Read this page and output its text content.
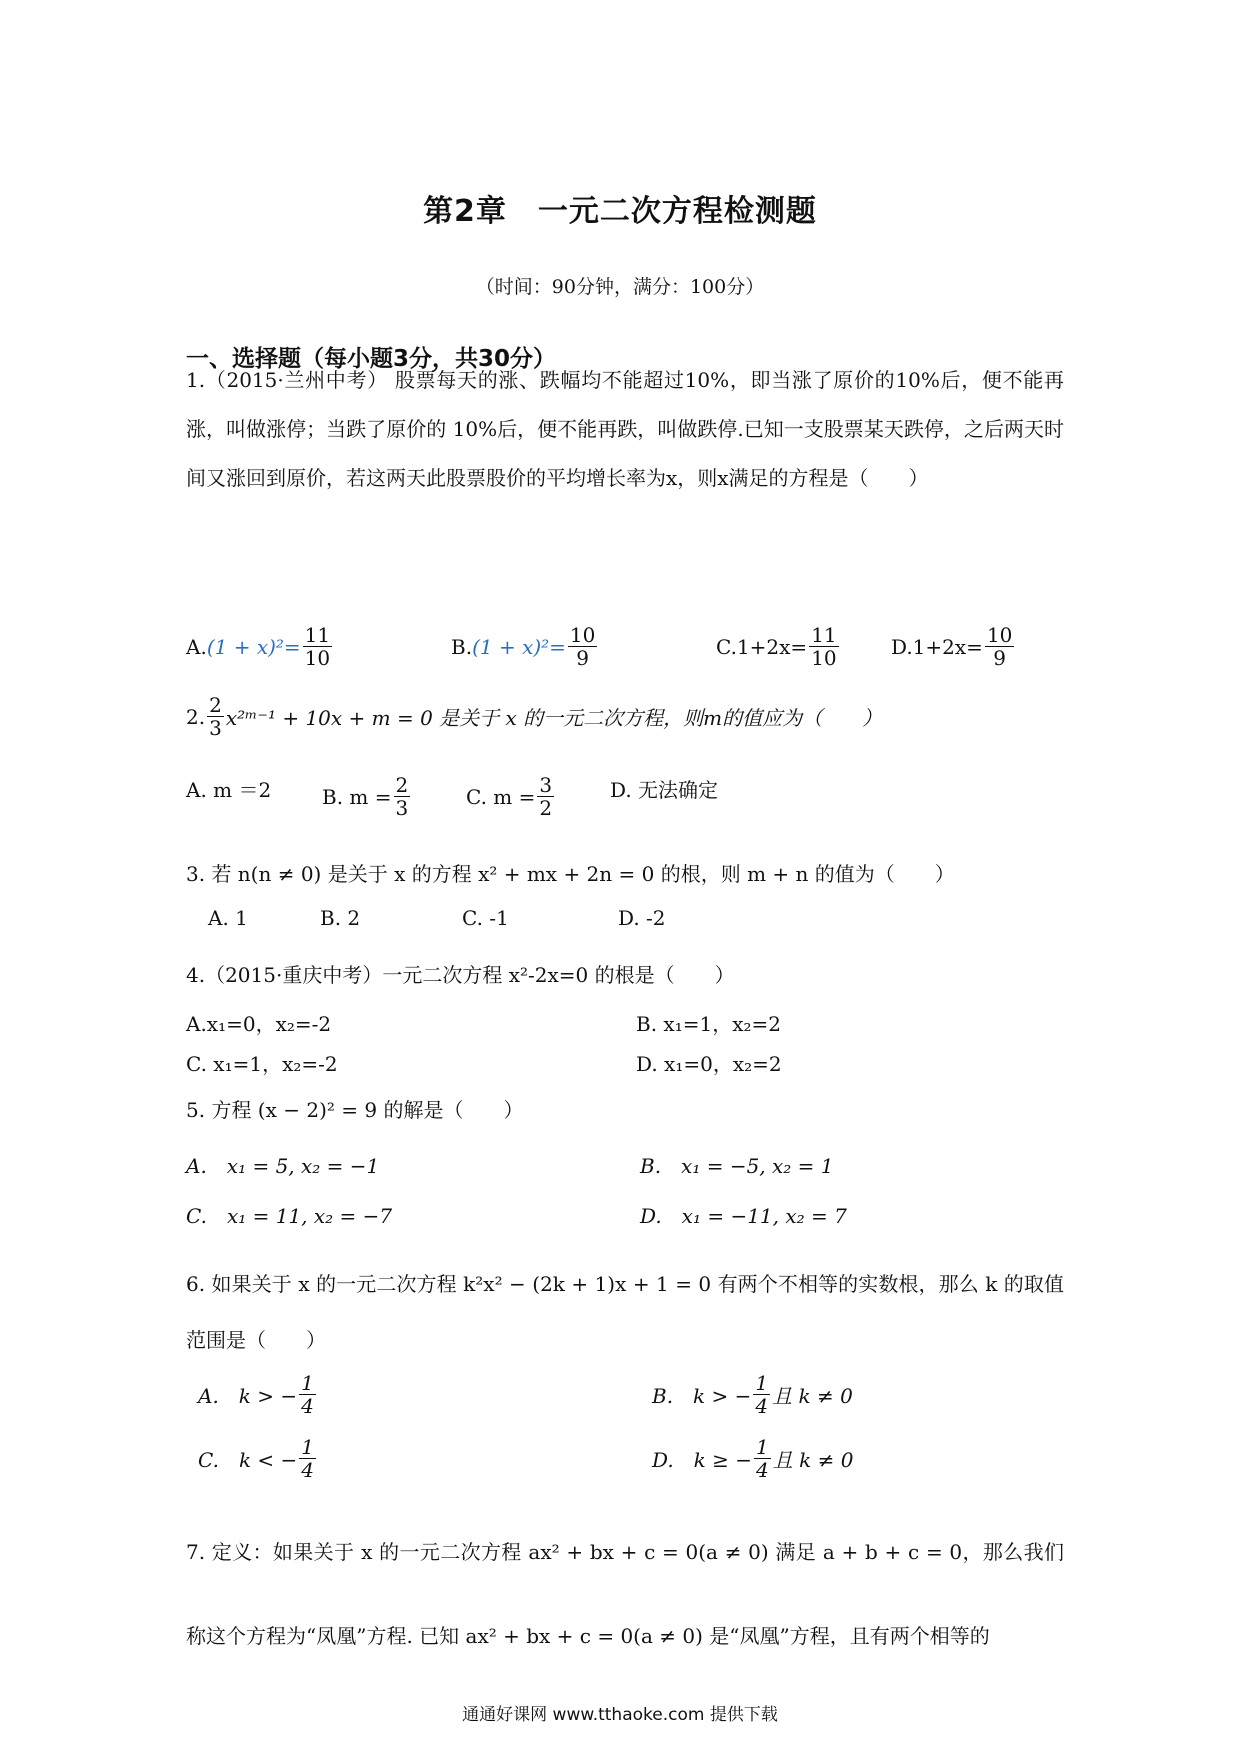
第2章　一元二次方程检测题
（时间：90分钟，满分：100分）
一、选择题（每小题3分，共30分）
1.（2015·兰州中考） 股票每天的涨、跌幅均不能超过10%，即当涨了原价的10%后，便不能再涨，叫做涨停；当跌了原价的 10%后，便不能再跌，叫做跌停.已知一支股票某天跌停，之后两天时间又涨回到原价，若这两天此股票股价的平均增长率为x，则x满足的方程是（　　）
A. $(1 + x)^2= \frac{11}{10}$	B. $(1 + x)^2= \frac{10}{9}$	$C.1+2x= \frac{11}{10}$	$D.1+2x= \frac{10}{9}$
2. $\frac{2}{3}$ x²ᵐ⁻¹ + 10x + m = 0 是关于 x 的一元二次方程，则m的值应为（　　）
A. m ＝2	B. $m = \frac{2}{3}$	C. $m = \frac{3}{2}$	D. 无法确定
3. 若 n(n ≠ 0) 是关于 x 的方程 x² + mx + 2n = 0 的根，则 m + n 的值为（　　）
A. 1	B. 2	C. -1	D. -2
4.（2015·重庆中考）一元二次方程 x²-2x=0 的根是（　　）
A.x₁=0，x₂=-2	B. x₁=1，x₂=2
C. x₁=1，x₂=-2	D. x₁=0，x₂=2
5. 方程 (x − 2)² = 9 的解是（　　）
A.　x₁ = 5, x₂ = −1	B.　x₁ = −5, x₂ = 1
C.　x₁ = 11, x₂ = −7	D.　x₁ = −11, x₂ = 7
6. 如果关于 x 的一元二次方程 k²x² − (2k + 1)x + 1 = 0 有两个不相等的实数根，那么 k 的取值范围是（　　）
A.　k > − $\frac{1}{4}$	B.　k > − $\frac{1}{4}$ 且 k ≠ 0
C.　k < − $\frac{1}{4}$	D.　k ≥ − $\frac{1}{4}$ 且 k ≠ 0
7. 定义：如果关于 x 的一元二次方程 ax² + bx + c = 0(a ≠ 0) 满足 a + b + c = 0，那么我们称这个方程为“凤凰”方程. 已知 ax² + bx + c = 0(a ≠ 0) 是“凤凰”方程，且有两个相等的
通通好课网 www.tthaoke.com 提供下载
